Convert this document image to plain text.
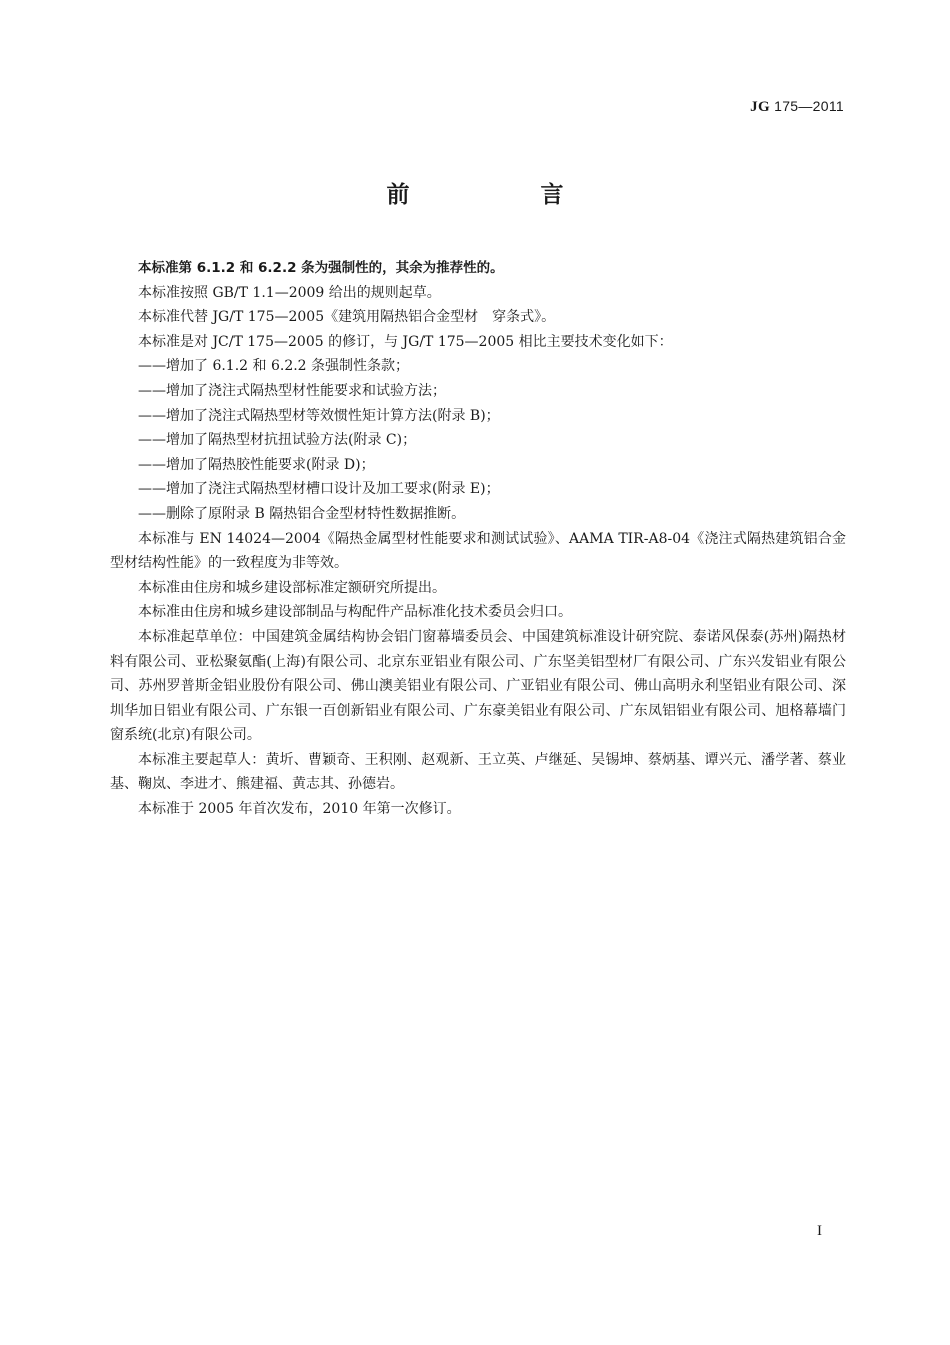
JG 175—2011
前　言

本标准第 6.1.2 和 6.2.2 条为强制性的，其余为推荐性的。

本标准按照 GB/T 1.1—2009 给出的规则起草。

本标准代替 JG/T 175—2005《建筑用隔热铝合金型材　穿条式》。

本标准是对 JC/T 175—2005 的修订，与 JG/T 175—2005 相比主要技术变化如下：

——增加了 6.1.2 和 6.2.2 条强制性条款；

——增加了浇注式隔热型材性能要求和试验方法；

——增加了浇注式隔热型材等效惯性矩计算方法(附录 B)；

——增加了隔热型材抗扭试验方法(附录 C)；

——增加了隔热胶性能要求(附录 D)；

——增加了浇注式隔热型材槽口设计及加工要求(附录 E)；

——删除了原附录 B 隔热铝合金型材特性数据推断。

本标准与 EN 14024—2004《隔热金属型材性能要求和测试试验》、AAMA TIR-A8-04《浇注式隔热建筑铝合金型材结构性能》的一致程度为非等效。

本标准由住房和城乡建设部标准定额研究所提出。

本标准由住房和城乡建设部制品与构配件产品标准化技术委员会归口。

本标准起草单位：中国建筑金属结构协会铝门窗幕墙委员会、中国建筑标准设计研究院、泰诺风保泰(苏州)隔热材料有限公司、亚松聚氨酯(上海)有限公司、北京东亚铝业有限公司、广东坚美铝型材厂有限公司、广东兴发铝业有限公司、苏州罗普斯金铝业股份有限公司、佛山澳美铝业有限公司、广亚铝业有限公司、佛山高明永利坚铝业有限公司、深圳华加日铝业有限公司、广东银一百创新铝业有限公司、广东豪美铝业有限公司、广东凤铝铝业有限公司、旭格幕墙门窗系统(北京)有限公司。

本标准主要起草人：黄圻、曹颖奇、王积刚、赵观新、王立英、卢继延、吴锡坤、蔡炳基、谭兴元、潘学著、蔡业基、鞠岚、李进才、熊建福、黄志其、孙德岩。

本标准于 2005 年首次发布，2010 年第一次修订。

I
